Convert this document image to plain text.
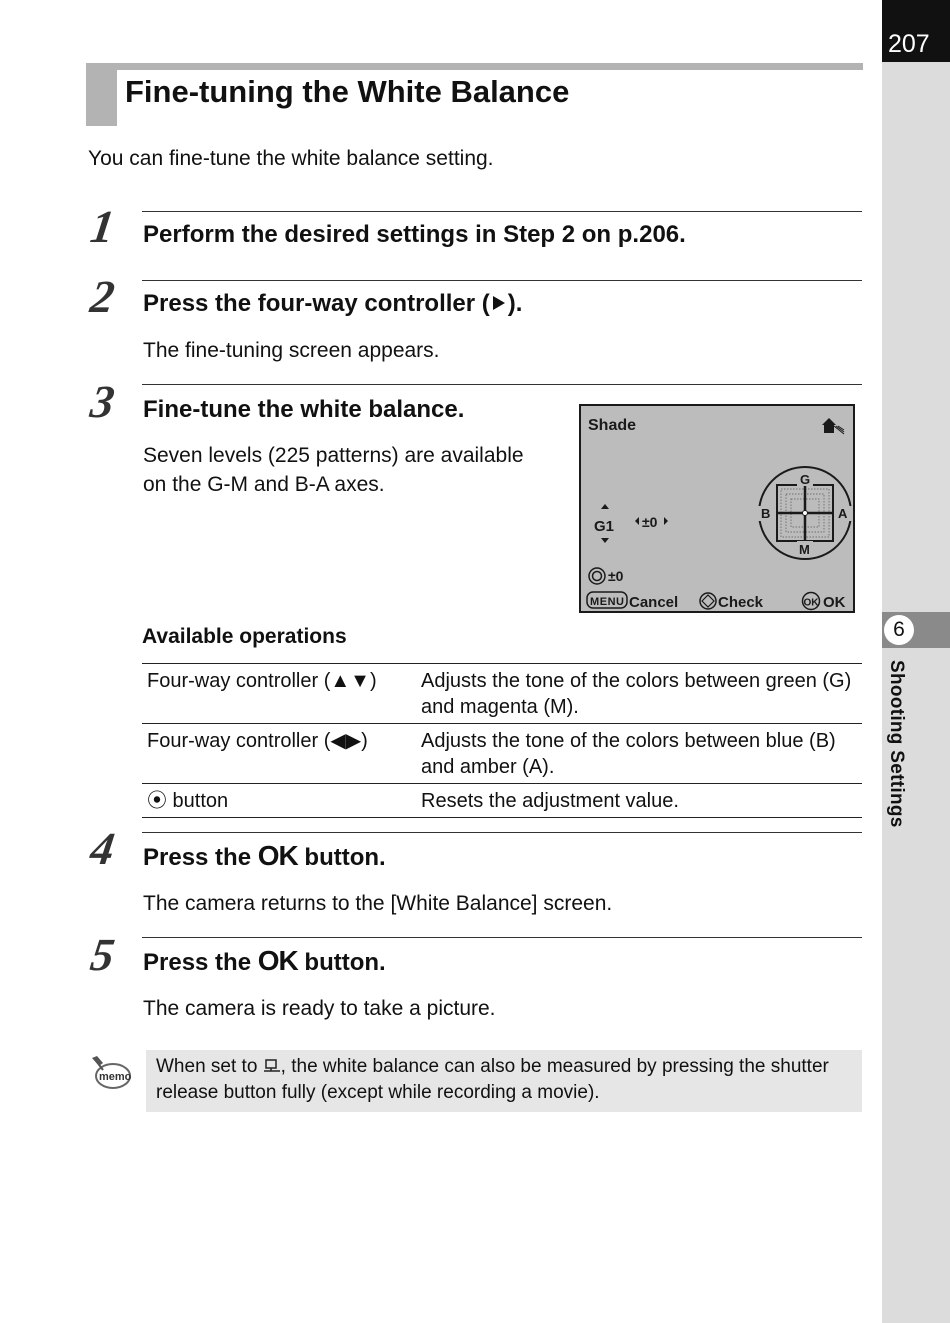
207
6
Shooting Settings
Fine-tuning the White Balance
You can fine-tune the white balance setting.
1 Perform the desired settings in Step 2 on p.206.
2 Press the four-way controller ( ).
The fine-tuning screen appears.
3 Fine-tune the white balance.
Seven levels (225 patterns) are available
on the G-M and B-A axes.
Shade
G1 ±0
G
M
B	A
±0
MENU Cancel	Check	OK OK
Available operations
Four-way controller (▲▼)	Adjusts the tone of the colors between green (G) and magenta (M).
Four-way controller (◀▶)	Adjusts the tone of the colors between blue (B) and amber (A).
⦿ button	Resets the adjustment value.
4 Press the OK button.
The camera returns to the [White Balance] screen.
5 Press the OK button.
The camera is ready to take a picture.
memo When set to , the white balance can also be measured by pressing the shutter release button fully (except while recording a movie).
